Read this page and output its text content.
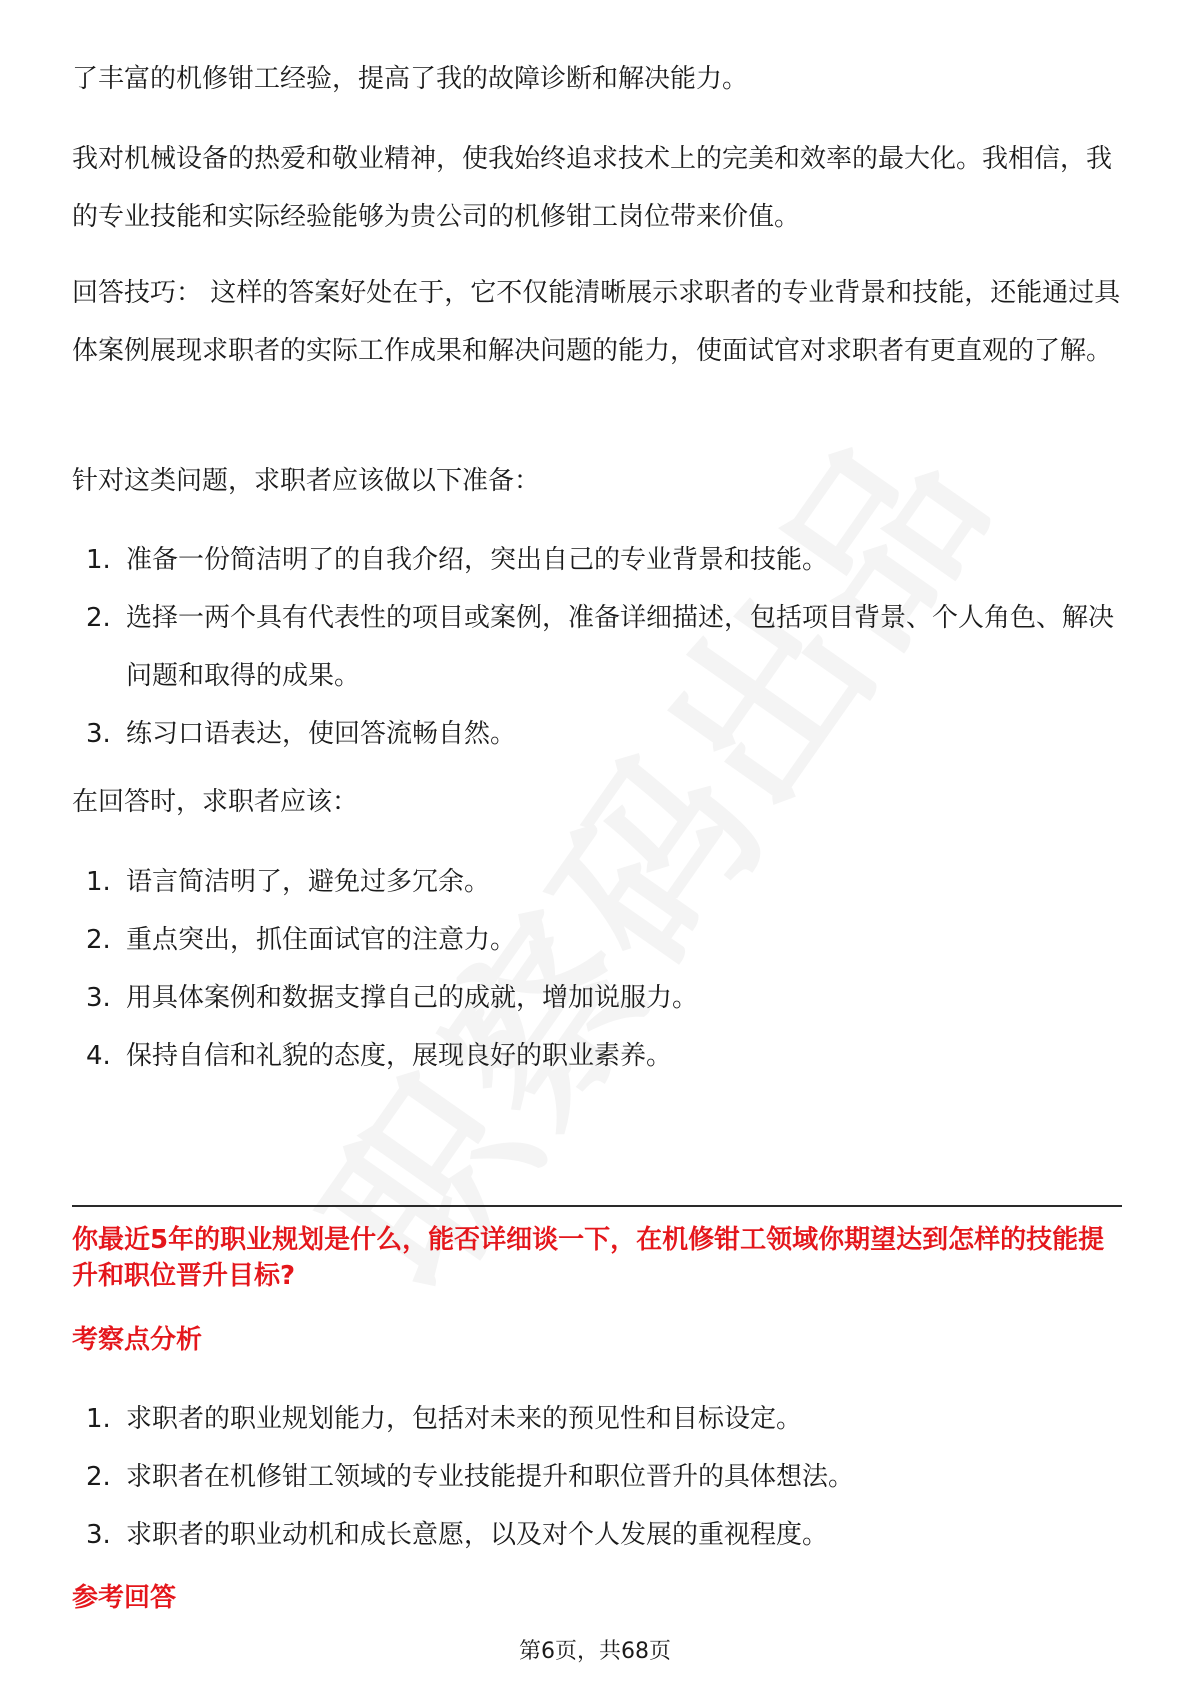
了丰富的机修钳工经验，提高了我的故障诊断和解决能力。

我对机械设备的热爱和敬业精神，使我始终追求技术上的完美和效率的最大化。我相信，我的专业技能和实际经验能够为贵公司的机修钳工岗位带来价值。

回答技巧： 这样的答案好处在于，它不仅能清晰展示求职者的专业背景和技能，还能通过具体案例展现求职者的实际工作成果和解决问题的能力，使面试官对求职者有更直观的了解。

针对这类问题，求职者应该做以下准备：

1. 准备一份简洁明了的自我介绍，突出自己的专业背景和技能。
2. 选择一两个具有代表性的项目或案例，准备详细描述，包括项目背景、个人角色、解决问题和取得的成果。
3. 练习口语表达，使回答流畅自然。

在回答时，求职者应该：

1. 语言简洁明了，避免过多冗余。
2. 重点突出，抓住面试官的注意力。
3. 用具体案例和数据支撑自己的成就，增加说服力。
4. 保持自信和礼貌的态度，展现良好的职业素养。
你最近5年的职业规划是什么，能否详细谈一下，在机修钳工领域你期望达到怎样的技能提升和职位晋升目标?
考察点分析
1. 求职者的职业规划能力，包括对未来的预见性和目标设定。
2. 求职者在机修钳工领域的专业技能提升和职位晋升的具体想法。
3. 求职者的职业动机和成长意愿，以及对个人发展的重视程度。
参考回答
第6页，共68页
